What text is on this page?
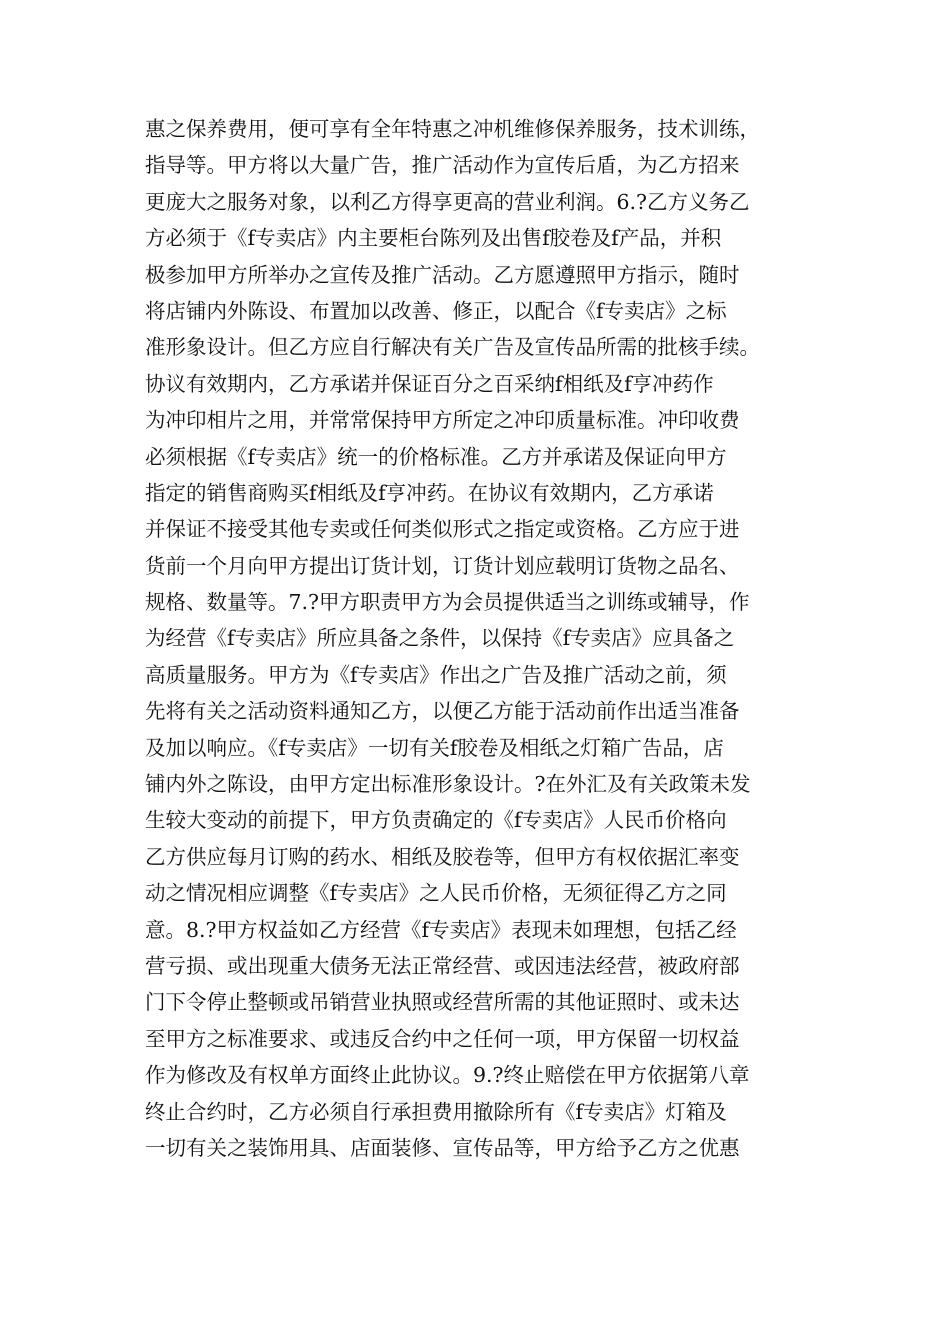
惠之保养费用，便可享有全年特惠之冲机维修保养服务，技术训练，
指导等。甲方将以大量广告，推广活动作为宣传后盾，为乙方招来
更庞大之服务对象，以利乙方得享更高的营业利润。6.?乙方义务乙
方必须于《f专卖店》内主要柜台陈列及出售f胶卷及f产品，并积
极参加甲方所举办之宣传及推广活动。乙方愿遵照甲方指示，随时
将店铺内外陈设、布置加以改善、修正，以配合《f专卖店》之标
准形象设计。但乙方应自行解决有关广告及宣传品所需的批核手续。
协议有效期内，乙方承诺并保证百分之百采纳f相纸及f亨冲药作
为冲印相片之用，并常常保持甲方所定之冲印质量标准。冲印收费
必须根据《f专卖店》统一的价格标准。乙方并承诺及保证向甲方
指定的销售商购买f相纸及f亨冲药。在协议有效期内，乙方承诺
并保证不接受其他专卖或任何类似形式之指定或资格。乙方应于进
货前一个月向甲方提出订货计划，订货计划应载明订货物之品名、
规格、数量等。7.?甲方职责甲方为会员提供适当之训练或辅导，作
为经营《f专卖店》所应具备之条件，以保持《f专卖店》应具备之
高质量服务。甲方为《f专卖店》作出之广告及推广活动之前，须
先将有关之活动资料通知乙方，以便乙方能于活动前作出适当准备
及加以响应。《f专卖店》一切有关f胶卷及相纸之灯箱广告品，店
铺内外之陈设，由甲方定出标准形象设计。?在外汇及有关政策未发
生较大变动的前提下，甲方负责确定的《f专卖店》人民币价格向
乙方供应每月订购的药水、相纸及胶卷等，但甲方有权依据汇率变
动之情况相应调整《f专卖店》之人民币价格，无须征得乙方之同
意。8.?甲方权益如乙方经营《f专卖店》表现未如理想，包括乙经
营亏损、或出现重大债务无法正常经营、或因违法经营，被政府部
门下令停止整顿或吊销营业执照或经营所需的其他证照时、或未达
至甲方之标准要求、或违反合约中之任何一项，甲方保留一切权益
作为修改及有权单方面终止此协议。9.?终止赔偿在甲方依据第八章
终止合约时，乙方必须自行承担费用撤除所有《f专卖店》灯箱及
一切有关之装饰用具、店面装修、宣传品等，甲方给予乙方之优惠
